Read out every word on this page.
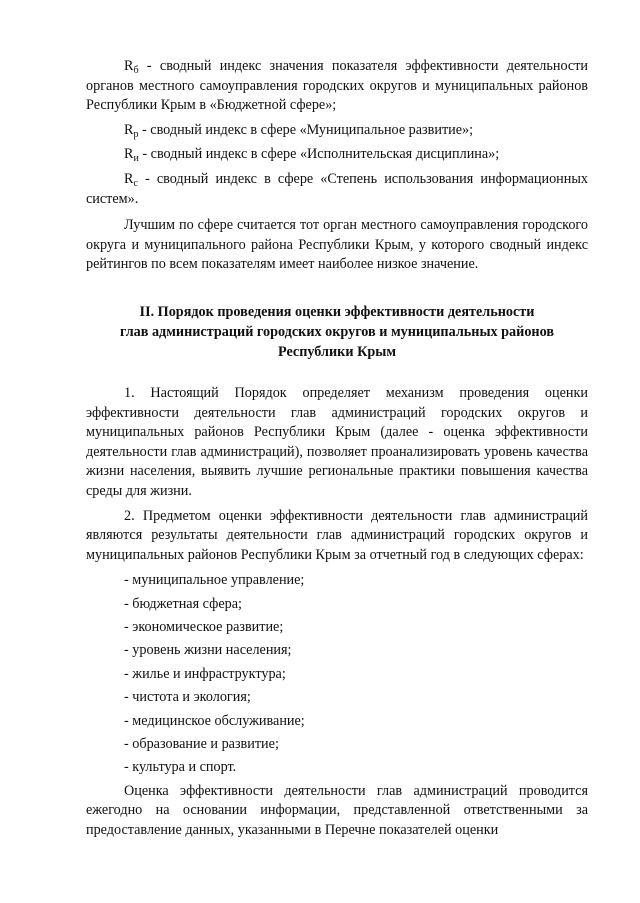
$R_б$ - сводный индекс значения показателя эффективности деятельности органов местного самоуправления городских округов и муниципальных районов Республики Крым в «Бюджетной сфере»;

$R_р$ - сводный индекс в сфере «Муниципальное развитие»;

$R_и$ - сводный индекс в сфере «Исполнительская дисциплина»;

$R_с$ - сводный индекс в сфере «Степень использования информационных систем».

Лучшим по сфере считается тот орган местного самоуправления городского округа и муниципального района Республики Крым, у которого сводный индекс рейтингов по всем показателям имеет наиболее низкое значение.

II. Порядок проведения оценки эффективности деятельности
глав администраций городских округов и муниципальных районов
Республики Крым

1. Настоящий Порядок определяет механизм проведения оценки эффективности деятельности глав администраций городских округов и муниципальных районов Республики Крым (далее - оценка эффективности деятельности глав администраций), позволяет проанализировать уровень качества жизни населения, выявить лучшие региональные практики повышения качества среды для жизни.

2. Предметом оценки эффективности деятельности глав администраций являются результаты деятельности глав администраций городских округов и муниципальных районов Республики Крым за отчетный год в следующих сферах:

- муниципальное управление;
- бюджетная сфера;
- экономическое развитие;
- уровень жизни населения;
- жилье и инфраструктура;
- чистота и экология;
- медицинское обслуживание;
- образование и развитие;
- культура и спорт.

Оценка эффективности деятельности глав администраций проводится ежегодно на основании информации, представленной ответственными за предоставление данных, указанными в Перечне показателей оценки
